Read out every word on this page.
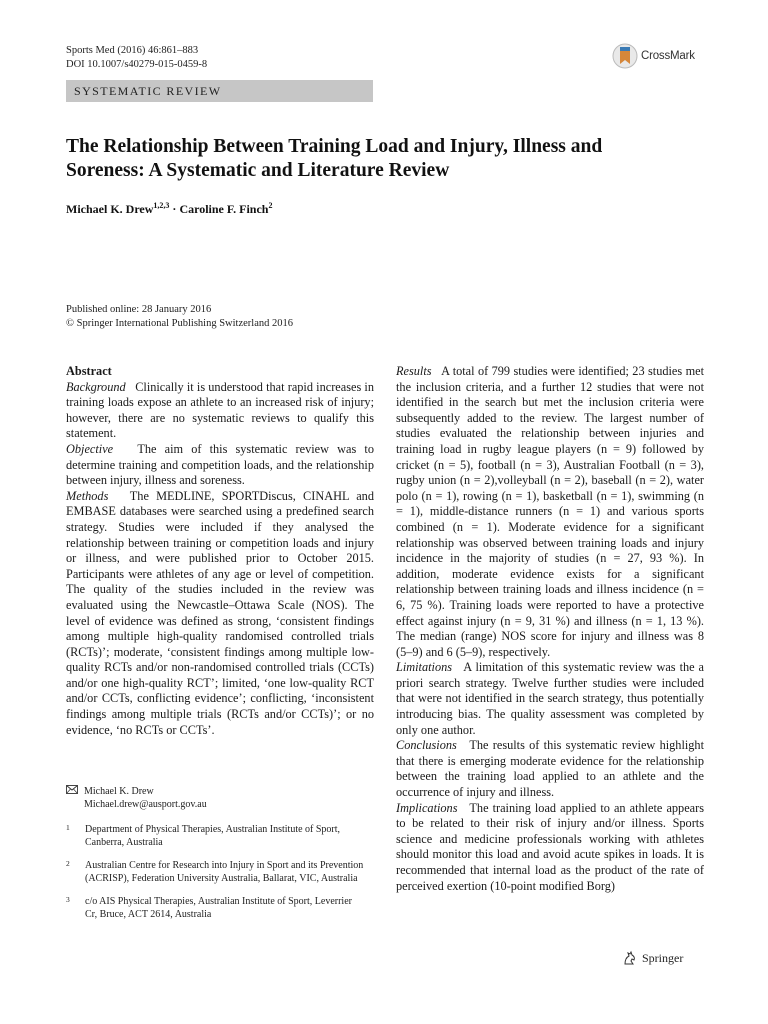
Sports Med (2016) 46:861–883
DOI 10.1007/s40279-015-0459-8
CrossMark
SYSTEMATIC REVIEW
The Relationship Between Training Load and Injury, Illness and Soreness: A Systematic and Literature Review
Michael K. Drew$^{1,2,3}$ · Caroline F. Finch$^2$
Published online: 28 January 2016
© Springer International Publishing Switzerland 2016

Abstract

Background Clinically it is understood that rapid increases in training loads expose an athlete to an increased risk of injury; however, there are no systematic reviews to qualify this statement.

Objective The aim of this systematic review was to determine training and competition loads, and the relationship between injury, illness and soreness.

Methods The MEDLINE, SPORTDiscus, CINAHL and EMBASE databases were searched using a predefined search strategy. Studies were included if they analysed the relationship between training or competition loads and injury or illness, and were published prior to October 2015. Participants were athletes of any age or level of competition. The quality of the studies included in the review was evaluated using the Newcastle–Ottawa Scale (NOS). The level of evidence was defined as strong, ‘consistent findings among multiple high-quality randomised controlled trials (RCTs)’; moderate, ‘consistent findings among multiple low-quality RCTs and/or non-randomised controlled trials (CCTs) and/or one high-quality RCT’; limited, ‘one low-quality RCT and/or CCTs, conflicting evidence’; conflicting, ‘inconsistent findings among multiple trials (RCTs and/or CCTs)’; or no evidence, ‘no RCTs or CCTs’.

Results A total of 799 studies were identified; 23 studies met the inclusion criteria, and a further 12 studies that were not identified in the search but met the inclusion criteria were subsequently added to the review. The largest number of studies evaluated the relationship between injuries and training load in rugby league players (n = 9) followed by cricket (n = 5), football (n = 3), Australian Football (n = 3), rugby union (n = 2),volleyball (n = 2), baseball (n = 2), water polo (n = 1), rowing (n = 1), basketball (n = 1), swimming (n = 1), middle-distance runners (n = 1) and various sports combined (n = 1). Moderate evidence for a significant relationship was observed between training loads and injury incidence in the majority of studies (n = 27, 93 %). In addition, moderate evidence exists for a significant relationship between training loads and illness incidence (n = 6, 75 %). Training loads were reported to have a protective effect against injury (n = 9, 31 %) and illness (n = 1, 13 %). The median (range) NOS score for injury and illness was 8 (5–9) and 6 (5–9), respectively.

Limitations A limitation of this systematic review was the a priori search strategy. Twelve further studies were included that were not identified in the search strategy, thus potentially introducing bias. The quality assessment was completed by only one author.

Conclusions The results of this systematic review highlight that there is emerging moderate evidence for the relationship between the training load applied to an athlete and the occurrence of injury and illness.

Implications The training load applied to an athlete appears to be related to their risk of injury and/or illness. Sports science and medicine professionals working with athletes should monitor this load and avoid acute spikes in loads. It is recommended that internal load as the product of the rate of perceived exertion (10-point modified Borg)

Michael K. Drew
Michael.drew@ausport.gov.au
1	Department of Physical Therapies, Australian Institute of Sport, Canberra, Australia
2	Australian Centre for Research into Injury in Sport and its Prevention (ACRISP), Federation University Australia, Ballarat, VIC, Australia
3	c/o AIS Physical Therapies, Australian Institute of Sport, Leverrier Cr, Bruce, ACT 2614, Australia
Springer
